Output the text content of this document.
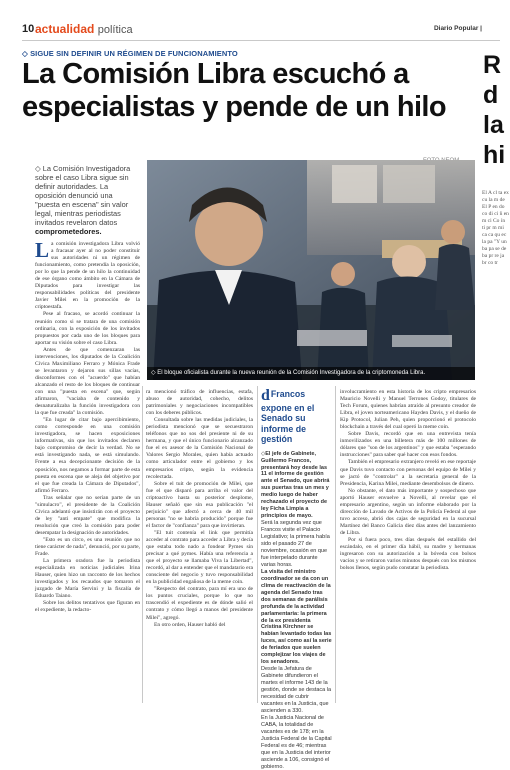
10 actualidad política	Diario Popular |
◇ SIGUE SIN DEFINIR UN RÉGIMEN DE FUNCIONAMIENTO
La Comisión Libra escuchó a especialistas y pende de un hilo
◇ La Comisión Investigadora sobre el caso Libra sigue sin definir autoridades. La oposición denunció una "puesta en escena" sin valor legal, mientras periodistas invitados revelaron datos comprometedores.
◇ El bloque oficialista durante la nueva reunión de la Comisión Investigadora de la criptomoneda Libra.

La comisión investigadora Libra volvió a fracasar ayer al no poder constituir sus autoridades ni un régimen de funcionamiento, como pretendía la oposición, por lo que la pende de un hilo la continuidad de ese órgano como ámbito en la Cámara de Diputados para investigar las responsabilidades políticas del presidente Javier Milei en la promoción de la criptoestafa.

Pese al fracaso, se acordó continuar la reunión como si se tratara de una comisión ordinaria, con la exposición de los invitados propuestos por cada uno de los bloques para aportar su visión sobre el caso Libra.

Antes de que comenzaran las intervenciones, los diputados de la Coalición Cívica Maximiliano Ferraro y Mónica Frade se levantaron y dejaron sus sillas vacías, disconformes con el "acuerdo" que habían alcanzado el resto de los bloques de continuar con una "puesta en escena" que, según afirmaron, "vaciaba de contenido y desnaturalizaba la función investigadora con la que fue creada" la comisión.

"En lugar de citar bajo apercibimiento, como corresponde en una comisión investigadora, se hacen exposiciones informativas, sin que los invitados declaren bajo compromiso de decir la verdad. No se está investigando nada, se está simulando. Frente a esa decepcionante decisión de la oposición, nos negamos a formar parte de esta puesta en escena que se aleja del objetivo por el que fue creada la Cámara de Diputados", afirmó Ferraro.

Tras señalar que no serían parte de un "simulacro", el presidente de la Coalición Cívica adelantó que insistirán con el proyecto de ley "anti empate" que modifica la resolución que creó la comisión para poder desempatar la designación de autoridades.

"Esto es un circo, es una reunión que no tiene carácter de nada", denunció, por su parte, Frade.

La primera oradora fue la periodista especializada en noticias judiciales Irina Hauser, quien hizo un racconto de los hechos investigados y los recaudos que tomaron el juzgado de María Servini y la fiscalía de Eduardo Taiano.

Sobre los delitos tentativos que figuran en el expediente, la redacto-

ra mencionó tráfico de influencias, estafa, abuso de autoridad, cohecho, delitos patrimoniales y negociaciones incompatibles con los deberes públicos.

Consultada sobre las medidas judiciales, la periodista mencionó que se secuestraron teléfonos que no sos del presiente ni de su hermana, y que el único funcionario alcanzado fue el ex asesor de la Comisión Nacional de Valores Sergio Morales, quien había actuado como articulador entre el gobierno y los empresarios cripto, según la evidencia recolectada.

Sobre el tuit de promoción de Milei, que fue el que disparó para arriba el valor del criptoactivo hasta su posterior desplome, Hauser señaló que sin esa publicación "el perjuicio" que afectó a cerca de 40 mil personas "no se habría producido" porque fue el factor de "confianza" para que invirtieran.

"El tuit contenía el link que permitía acceder al contrato para acceder a Libra y decía que estaba todo nado a fondear Pymes sin precisar a qué pymes. Había una referencia a que el proyecto se llamaba Viva la Libertad", recordó, al dar a entender que el mandatario era consciente del negocio y tuvo responsabilidad en la publicidad engañosa de la meme coin.

"Respecto del contrato, para mí era uno de los puntos cruciales, porque lo que no trascendió el expediente es de dónde salió el contrato y cómo llegó a manos del presidente Milei", agregó.

En otro orden, Hauser habló del

dFrancos expone en el Senado su informe de gestión

◇El jefe de Gabinete, Guillermo Francos, presentará hoy desde las 11 el informe de gestión ante el Senado, que abrirá sus puertas tras un mes y medio luego de haber rechazado el proyecto de ley Ficha Limpia a principios de mayo.

Será la segunda vez que Francos visite el Palacio Legislativo; la primera había sido el pasado 27 de noviembre, ocasión en que fue interpelado durante varias horas.

La visita del ministro coordinador se da con un clima de reactivación de la agenda del Senado tras dos semanas de parálisis profunda de la actividad parlamentaria: la primera de la ex presidenta Cristina Kirchner se habían levantado todas las luces, así como así la serie de feriados que suelen complejizar los viajes de los senadores.

Desde la Jefatura de Gabinete difundieron el martes el informe 143 de la gestión, donde se destaca la necesidad de cubrir vacantes en la Justicia, que ascienden a 330.

En la Justicia Nacional de CABA, la totalidad de vacantes es de 178; en la Justicia Federal de la Capital Federal es de 46; mientras que en la Justicia del interior asciende a 106, consignó el gobierno.

involucramiento en esta historia de los cripto empresarios Mauricio Novelli y Manuel Terrones Godoy, titulares de Tech Forum, quienes habrían atraído al presunto creador de Libra, el joven norteamericano Hayden Davis, y el dueño de Kip Protocol, Julian Peh, quien proporcionó el protocolo blockchain a través del cual operó la meme coin.

Sobre Davis, recordó que en una entrevista tenía inmovilizados en una billetera más de 100 millones de dólares que "son de los argentinos" y que estaba "esperando instrucciones" para saber qué hacer con esos fondos.

También el empresario extranjero reveló en ese reportaje que Davis tuvo contacto con personas del equipo de Milei y se jactó de "controlar" a la secretaria general de la Presidencia, Karina Milei, mediante desembolsos de dinero.

No obstante, el dato más importante y sospechoso que aportó Hauser envuelve a Novelli, al revelar que el empresario argentino, según un informe elaborado por la dirección de Lavado de Activos de la Policía Federal al que tuvo acceso, abrió dos cajas de seguridad en la sucursal Martínez del Banco Galicia diez días antes del lanzamiento de Libra.

Por si fuera poco, tres días después del estallido del escándalo, en el primer día hábil, su madre y hermanas ingresaron con su autorización a la bóveda con bolsos vacíos y se retiraron varios minutos después con los mismos bolsos llenos, según pudo constatar la periodista.

R
d
la
hi
El A cl ta ex cu la m de El P en do co di ci ñ en m ci Co ín ti pr m mi ca ca qu ec la pa "Y un ba pa se de ba pr re ja br co tr
